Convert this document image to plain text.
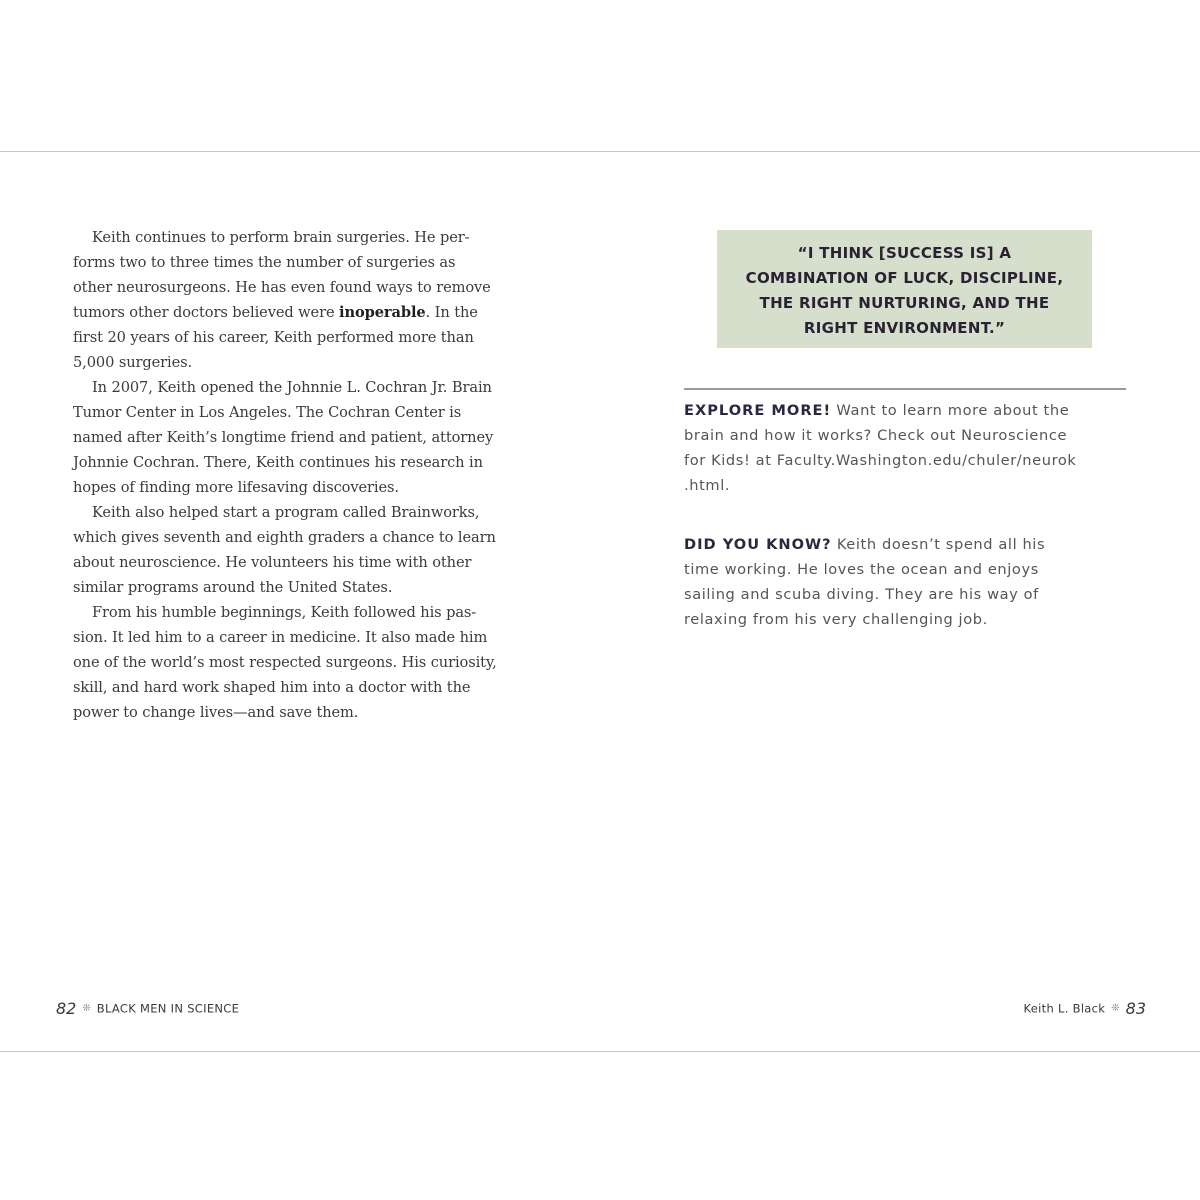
Keith continues to perform brain surgeries. He per-
forms two to three times the number of surgeries as
other neurosurgeons. He has even found ways to remove
tumors other doctors believed were inoperable. In the
first 20 years of his career, Keith performed more than
5,000 surgeries.
In 2007, Keith opened the Johnnie L. Cochran Jr. Brain
Tumor Center in Los Angeles. The Cochran Center is
named after Keith’s longtime friend and patient, attorney
Johnnie Cochran. There, Keith continues his research in
hopes of finding more lifesaving discoveries.
Keith also helped start a program called Brainworks,
which gives seventh and eighth graders a chance to learn
about neuroscience. He volunteers his time with other
similar programs around the United States.
From his humble beginnings, Keith followed his pas-
sion. It led him to a career in medicine. It also made him
one of the world’s most respected surgeons. His curiosity,
skill, and hard work shaped him into a doctor with the
power to change lives—and save them.
82 ❊ BLACK MEN IN SCIENCE
“I THINK [SUCCESS IS] A
COMBINATION OF LUCK, DISCIPLINE,
THE RIGHT NURTURING, AND THE
RIGHT ENVIRONMENT.”
EXPLORE MORE! Want to learn more about the
brain and how it works? Check out Neuroscience
for Kids! at Faculty.Washington.edu/chuler/neurok
.html.
DID YOU KNOW? Keith doesn’t spend all his
time working. He loves the ocean and enjoys
sailing and scuba diving. They are his way of
relaxing from his very challenging job.
Keith L. Black ❊ 83
